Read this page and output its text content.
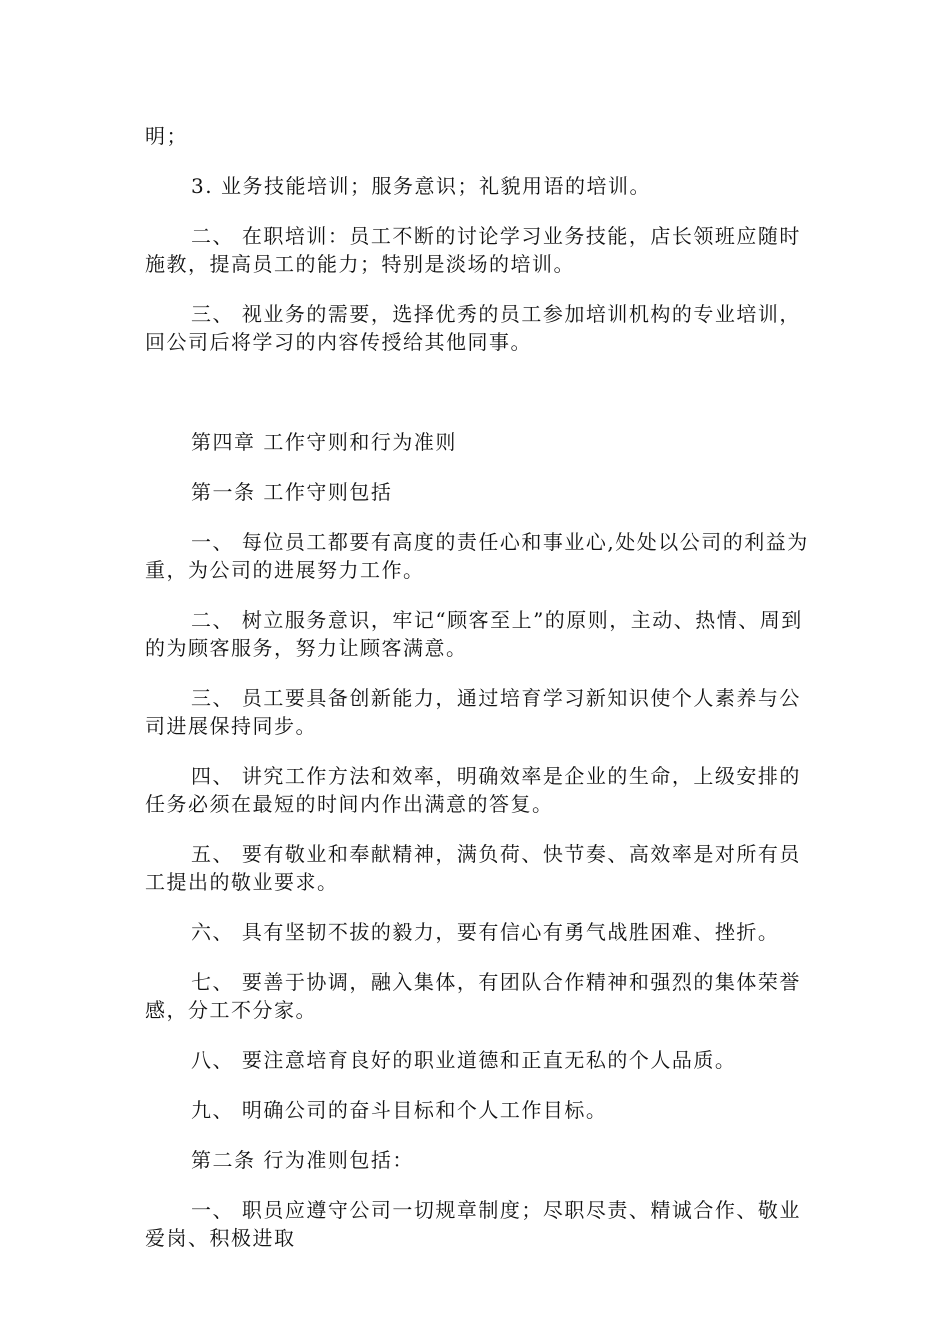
明；

3. 业务技能培训；服务意识；礼貌用语的培训。

二、 在职培训：员工不断的讨论学习业务技能，店长领班应随时施教，提高员工的能力；特别是淡场的培训。

三、 视业务的需要，选择优秀的员工参加培训机构的专业培训，回公司后将学习的内容传授给其他同事。

第四章 工作守则和行为准则

第一条 工作守则包括

一、 每位员工都要有高度的责任心和事业心,处处以公司的利益为重，为公司的进展努力工作。

二、 树立服务意识，牢记“顾客至上”的原则，主动、热情、周到的为顾客服务，努力让顾客满意。

三、 员工要具备创新能力，通过培育学习新知识使个人素养与公司进展保持同步。

四、 讲究工作方法和效率，明确效率是企业的生命，上级安排的任务必须在最短的时间内作出满意的答复。

五、 要有敬业和奉献精神，满负荷、快节奏、高效率是对所有员工提出的敬业要求。

六、 具有坚韧不拔的毅力，要有信心有勇气战胜困难、挫折。

七、 要善于协调，融入集体，有团队合作精神和强烈的集体荣誉感，分工不分家。

八、 要注意培育良好的职业道德和正直无私的个人品质。

九、 明确公司的奋斗目标和个人工作目标。

第二条 行为准则包括：

一、 职员应遵守公司一切规章制度；尽职尽责、精诚合作、敬业爱岗、积极进取
